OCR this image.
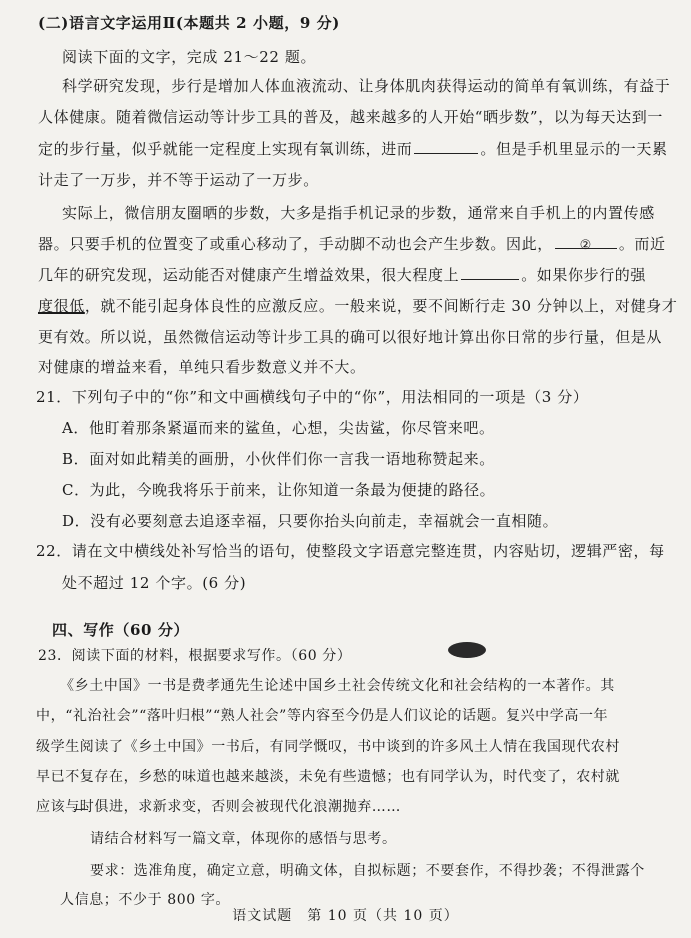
(二)语言文字运用Ⅱ(本题共 2 小题，9 分)
阅读下面的文字，完成 21～22 题。
科学研究发现，步行是增加人体血液流动、让身体肌肉获得运动的简单有氧训练，有益于
人体健康。随着微信运动等计步工具的普及，越来越多的人开始“晒步数”，以为每天达到一
定的步行量，似乎就能一定程度上实现有氧训练，进而	。但是手机里显示的一天累
计走了一万步，并不等于运动了一万步。
实际上，微信朋友圈晒的步数，大多是指手机记录的步数，通常来自手机上的内置传感
器。只要手机的位置变了或重心移动了，手动脚不动也会产生步数。因此， ② 。而近
几年的研究发现，运动能否对健康产生增益效果，很大程度上	。如果你步行的强
度很低，就不能引起身体良性的应激反应。一般来说，要不间断行走 30 分钟以上，对健身才
更有效。所以说，虽然微信运动等计步工具的确可以很好地计算出你日常的步行量，但是从
对健康的增益来看，单纯只看步数意义并不大。
21．下列句子中的“你”和文中画横线句子中的“你”，用法相同的一项是（3 分）
A．他盯着那条紧逼而来的鲨鱼，心想，尖齿鲨，你尽管来吧。
B．面对如此精美的画册，小伙伴们你一言我一语地称赞起来。
C．为此，今晚我将乐于前来，让你知道一条最为便捷的路径。
D．没有必要刻意去追逐幸福，只要你抬头向前走，幸福就会一直相随。
22．请在文中横线处补写恰当的语句，使整段文字语意完整连贯，内容贴切，逻辑严密，每
处不超过 12 个字。(6 分)
四、写作（60 分）
23．阅读下面的材料，根据要求写作。（60 分）
《乡土中国》一书是费孝通先生论述中国乡土社会传统文化和社会结构的一本著作。其
中，“礼治社会”“落叶归根”“熟人社会”等内容至今仍是人们议论的话题。复兴中学高一年
级学生阅读了《乡土中国》一书后，有同学慨叹，书中谈到的许多风土人情在我国现代农村
早已不复存在，乡愁的味道也越来越淡，未免有些遗憾；也有同学认为，时代变了，农村就
应该与时俱进，求新求变，否则会被现代化浪潮抛弃……
请结合材料写一篇文章，体现你的感悟与思考。
要求：选准角度，确定立意，明确文体，自拟标题；不要套作，不得抄袭；不得泄露个
人信息；不少于 800 字。
语文试题　第 10 页（共 10 页）
